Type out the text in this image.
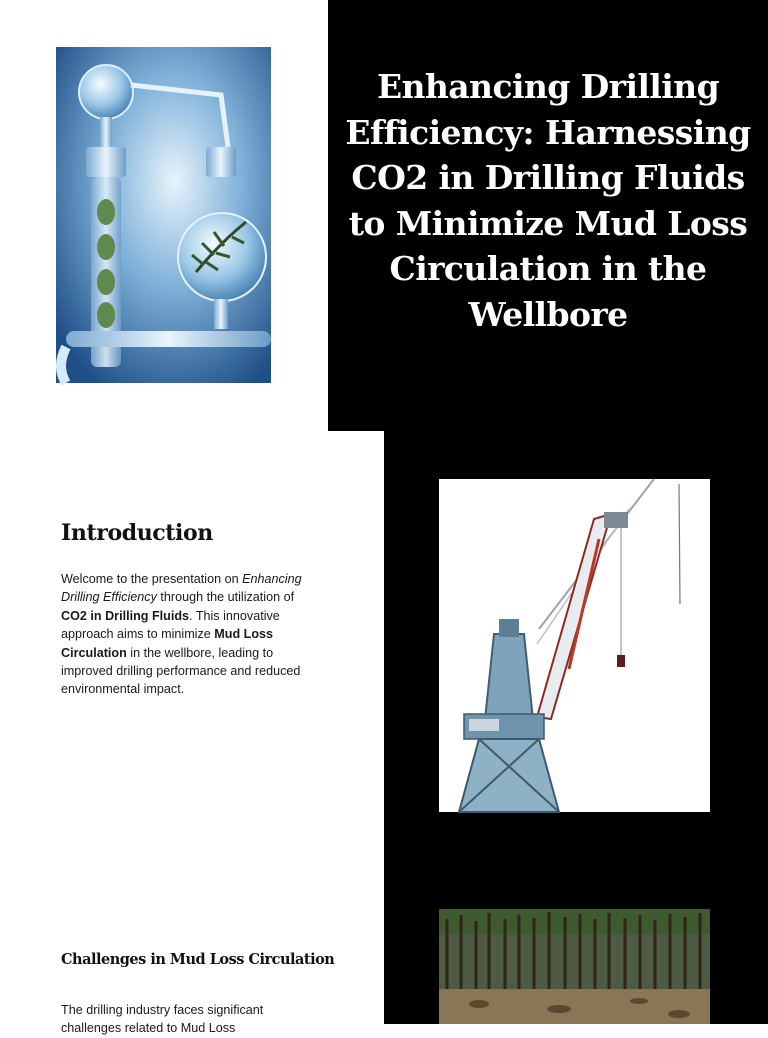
Enhancing Drilling Efficiency: Harnessing CO2 in Drilling Fluids to Minimize Mud Loss Circulation in the Wellbore
Introduction

Welcome to the presentation on Enhancing Drilling Efficiency through the utilization of CO2 in Drilling Fluids. This innovative approach aims to minimize Mud Loss Circulation in the wellbore, leading to improved drilling performance and reduced environmental impact.

Challenges in Mud Loss Circulation

The drilling industry faces significant challenges related to Mud Loss
